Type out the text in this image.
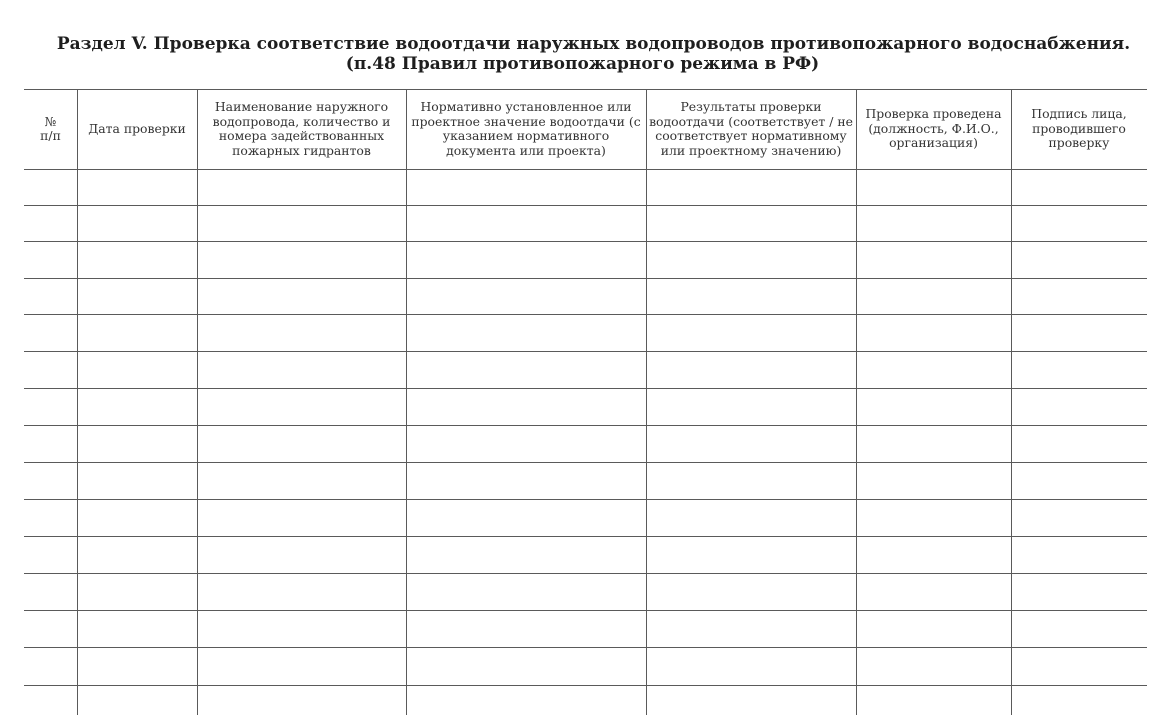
Раздел V. Проверка соответствие водоотдачи наружных водопроводов противопожарного водоснабжения.
(п.48 Правил противопожарного режима в РФ)
№ п/п Дата проверки
Наименование наружного водопровода, количество и номера задействованных пожарных гидрантов
Нормативно установленное или проектное значение водоотдачи (с указанием нормативного документа или проекта)
Результаты проверки водоотдачи (соответствует / не соответствует нормативному или проектному значению)
Проверка проведена (должность, Ф.И.О., организация)
Подпись лица, проводившего проверку
